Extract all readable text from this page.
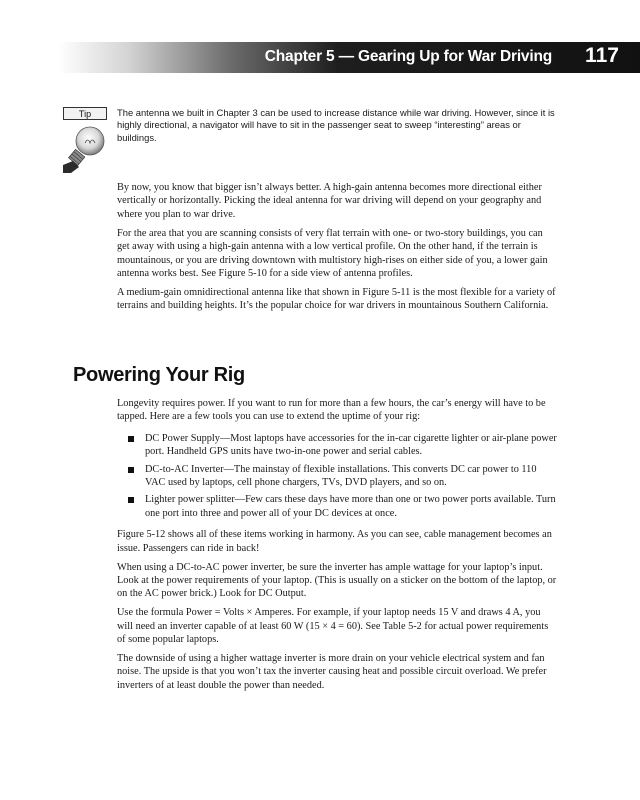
Chapter 5 — Gearing Up for War Driving	117
Tip	The antenna we built in Chapter 3 can be used to increase distance while war driving. However, since it is highly directional, a navigator will have to sit in the passenger seat to sweep “interesting” areas or buildings.

By now, you know that bigger isn’t always better. A high-gain antenna becomes more directional either vertically or horizontally. Picking the ideal antenna for war driving will depend on your geography and where you plan to war drive.

For the area that you are scanning consists of very flat terrain with one- or two-story buildings, you can get away with using a high-gain antenna with a low vertical profile. On the other hand, if the terrain is mountainous, or you are driving downtown with multistory high-rises on either side of you, a lower gain antenna works best. See Figure 5-10 for a side view of antenna profiles.

A medium-gain omnidirectional antenna like that shown in Figure 5-11 is the most flexible for a variety of terrains and building heights. It’s the popular choice for war drivers in mountainous Southern California.

Powering Your Rig

Longevity requires power. If you want to run for more than a few hours, the car’s energy will have to be tapped. Here are a few tools you can use to extend the uptime of your rig:

DC Power Supply—Most laptops have accessories for the in-car cigarette lighter or air-plane power port. Handheld GPS units have two-in-one power and serial cables.
DC-to-AC Inverter—The mainstay of flexible installations. This converts DC car power to 110 VAC used by laptops, cell phone chargers, TVs, DVD players, and so on.
Lighter power splitter—Few cars these days have more than one or two power ports available. Turn one port into three and power all of your DC devices at once.

Figure 5-12 shows all of these items working in harmony. As you can see, cable management becomes an issue. Passengers can ride in back!

When using a DC-to-AC power inverter, be sure the inverter has ample wattage for your laptop’s input. Look at the power requirements of your laptop. (This is usually on a sticker on the bottom of the laptop, or on the AC power brick.) Look for DC Output.

Use the formula Power = Volts × Amperes. For example, if your laptop needs 15 V and draws 4 A, you will need an inverter capable of at least 60 W (15 × 4 = 60). See Table 5-2 for actual power requirements of some popular laptops.

The downside of using a higher wattage inverter is more drain on your vehicle electrical system and fan noise. The upside is that you won’t tax the inverter causing heat and possible circuit overload. We prefer inverters of at least double the power than needed.
